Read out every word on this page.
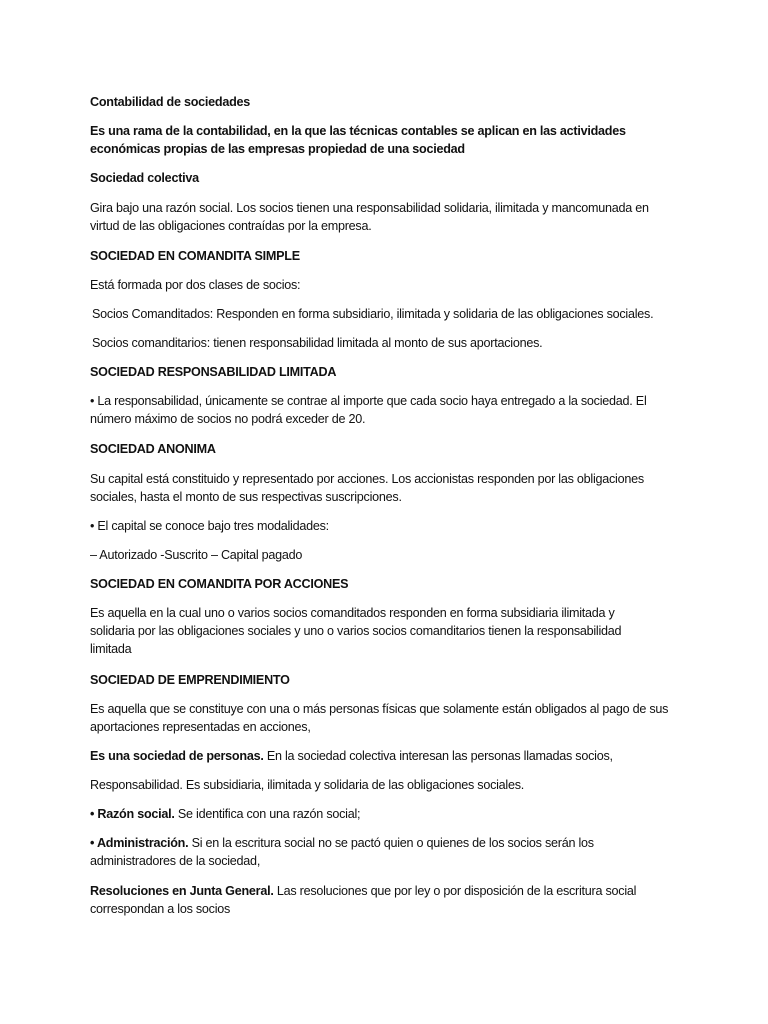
Contabilidad de sociedades

Es una rama de la contabilidad, en la que las técnicas contables se aplican en las actividades económicas propias de las empresas propiedad de una sociedad

Sociedad colectiva

Gira bajo una razón social. Los socios tienen una responsabilidad solidaria, ilimitada y mancomunada en virtud de las obligaciones contraídas por la empresa.

SOCIEDAD EN COMANDITA SIMPLE

Está formada por dos clases de socios:

Socios Comanditados: Responden en forma subsidiario, ilimitada y solidaria de las obligaciones sociales.

Socios comanditarios: tienen responsabilidad limitada al monto de sus aportaciones.

SOCIEDAD RESPONSABILIDAD LIMITADA

• La responsabilidad, únicamente se contrae al importe que cada socio haya entregado a la sociedad. El número máximo de socios no podrá exceder de 20.

SOCIEDAD ANONIMA

Su capital está constituido y representado por acciones. Los accionistas responden por las obligaciones sociales, hasta el monto de sus respectivas suscripciones.

• El capital se conoce bajo tres modalidades:

– Autorizado -Suscrito – Capital pagado

SOCIEDAD EN COMANDITA POR ACCIONES

Es aquella en la cual uno o varios socios comanditados responden en forma subsidiaria ilimitada y solidaria por las obligaciones sociales y uno o varios socios comanditarios tienen la responsabilidad limitada

SOCIEDAD DE EMPRENDIMIENTO

Es aquella que se constituye con una o más personas físicas que solamente están obligados al pago de sus aportaciones representadas en acciones,

Es una sociedad de personas. En la sociedad colectiva interesan las personas llamadas socios,

Responsabilidad. Es subsidiaria, ilimitada y solidaria de las obligaciones sociales.

• Razón social. Se identifica con una razón social;

• Administración. Si en la escritura social no se pactó quien o quienes de los socios serán los administradores de la sociedad,

Resoluciones en Junta General. Las resoluciones que por ley o por disposición de la escritura social correspondan a los socios
